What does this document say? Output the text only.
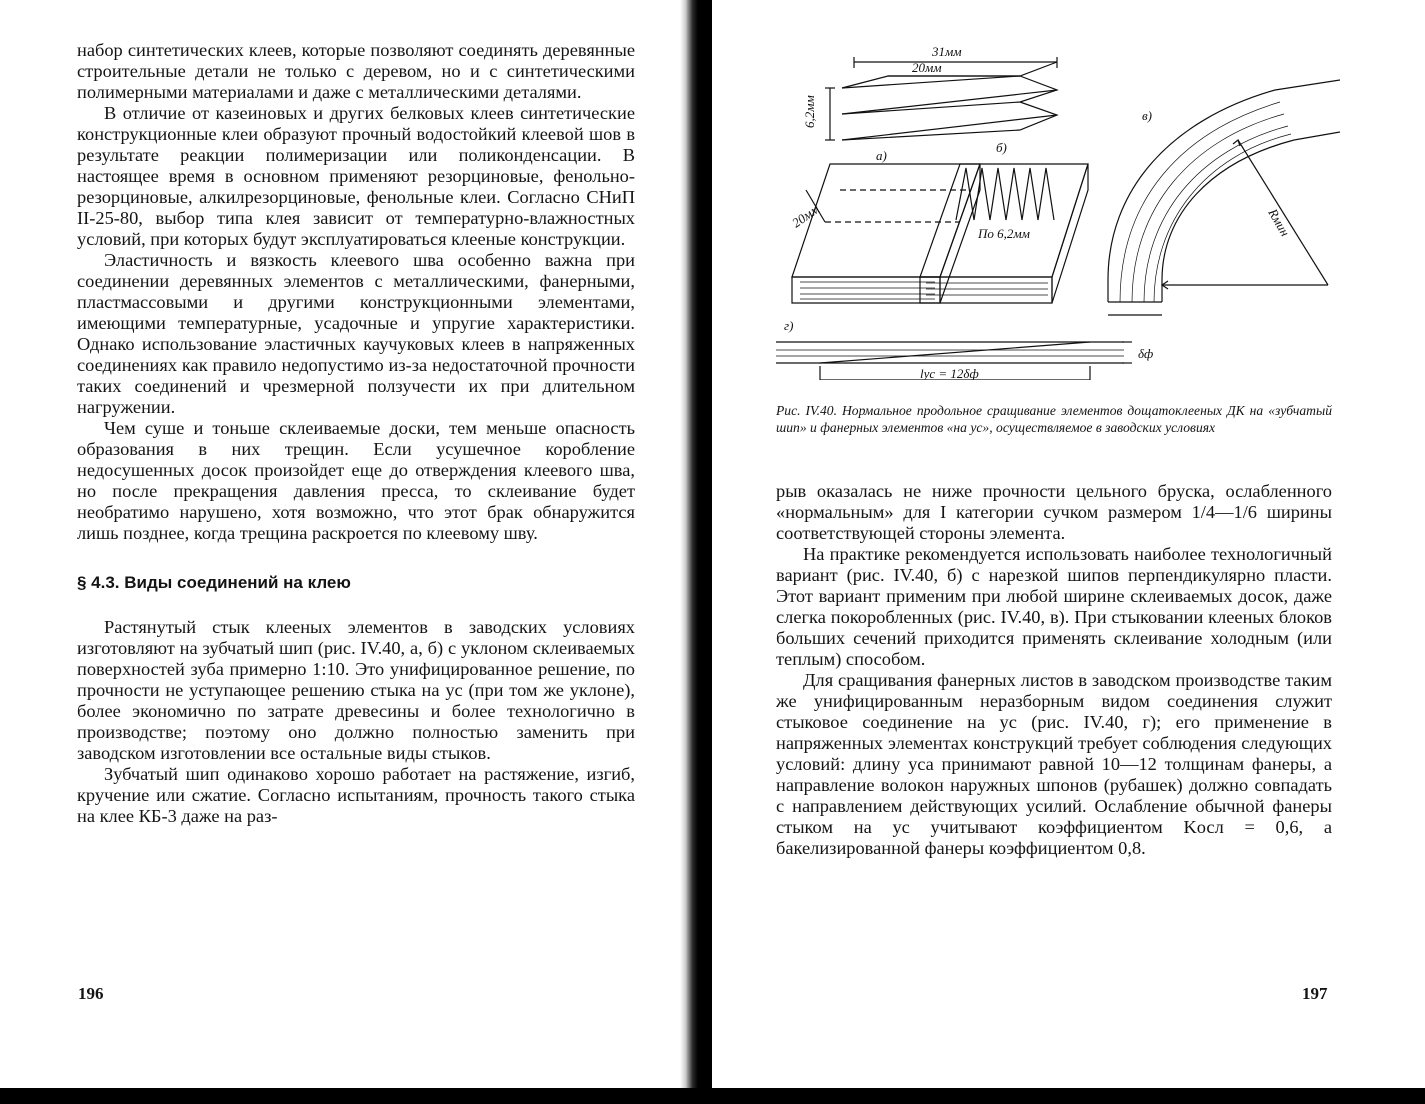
набор синтетических клеев, которые позволяют соединять деревянные строительные детали не только с деревом, но и с синтетическими полимерными материалами и даже с металлическими деталями.

В отличие от казеиновых и других белковых клеев синтетические конструкционные клеи образуют прочный водостойкий клеевой шов в результате реакции полимеризации или поликонденсации. В настоящее время в основном применяют резорциновые, фенольно-резорциновые, алкилрезорциновые, фенольные клеи. Согласно СНиП II-25-80, выбор типа клея зависит от температурно-влажностных условий, при которых будут эксплуатироваться клееные конструкции.

Эластичность и вязкость клеевого шва особенно важна при соединении деревянных элементов с металлическими, фанерными, пластмассовыми и другими конструкционными элементами, имеющими температурные, усадочные и упругие характеристики. Однако использование эластичных каучуковых клеев в напряженных соединениях как правило недопустимо из-за недостаточной прочности таких соединений и чрезмерной ползучести их при длительном нагружении.

Чем суше и тоньше склеиваемые доски, тем меньше опасность образования в них трещин. Если усушечное коробление недосушенных досок произойдет еще до отверждения клеевого шва, но после прекращения давления пресса, то склеивание будет необратимо нарушено, хотя возможно, что этот брак обнаружится лишь позднее, когда трещина раскроется по клеевому шву.

§ 4.3. Виды соединений на клею

Растянутый стык клееных элементов в заводских условиях изготовляют на зубчатый шип (рис. IV.40, а, б) с уклоном склеиваемых поверхностей зуба примерно 1:10. Это унифицированное решение, по прочности не уступающее решению стыка на ус (при том же уклоне), более экономично по затрате древесины и более технологично в производстве; поэтому оно должно полностью заменить при заводском изготовлении все остальные виды стыков.

Зубчатый шип одинаково хорошо работает на растяжение, изгиб, кручение или сжатие. Согласно испытаниям, прочность такого стыка на клее КБ-3 даже на раз-

196
31мм
20мм
6,2мм
а)
б)
в)
г)
20мм
По 6,2мм	Rмин
δф
lус = 12δф
Рис. IV.40. Нормальное продольное сращивание элементов дощатоклееных ДК на «зубчатый шип» и фанерных элементов «на ус», осуществляемое в заводских условиях

рыв оказалась не ниже прочности цельного бруска, ослабленного «нормальным» для I категории сучком размером 1/4—1/6 ширины соответствующей стороны элемента.

На практике рекомендуется использовать наиболее технологичный вариант (рис. IV.40, б) с нарезкой шипов перпендикулярно пласти. Этот вариант применим при любой ширине склеиваемых досок, даже слегка покоробленных (рис. IV.40, в). При стыковании клееных блоков больших сечений приходится применять склеивание холодным (или теплым) способом.

Для сращивания фанерных листов в заводском производстве таким же унифицированным неразборным видом соединения служит стыковое соединение на ус (рис. IV.40, г); его применение в напряженных элементах конструкций требует соблюдения следующих условий: длину уса принимают равной 10—12 толщинам фанеры, а направление волокон наружных шпонов (рубашек) должно совпадать с направлением действующих усилий. Ослабление обычной фанеры стыком на ус учитывают коэффициентом Kосл = 0,6, а бакелизированной фанеры коэффициентом 0,8.

197
